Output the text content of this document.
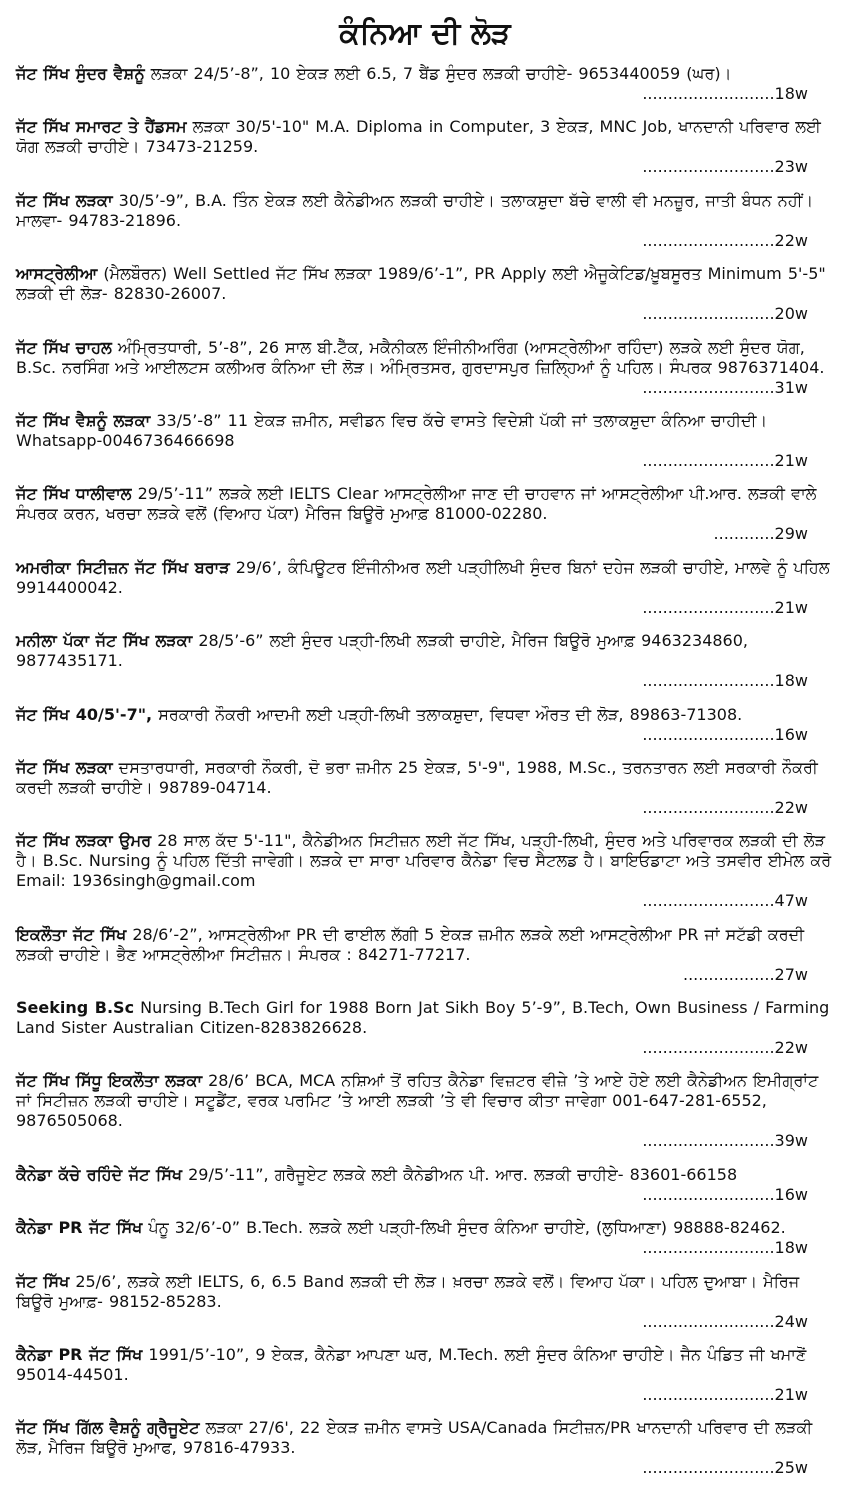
ਕੰਨਿਆ ਦੀ ਲੋੜ

ਜੱਟ ਸਿੱਖ ਸੁੰਦਰ ਵੈਸ਼ਨੂੰ ਲੜਕਾ 24/5’-8”, 10 ਏਕੜ ਲਈ 6.5, 7 ਬੈਂਡ ਸੁੰਦਰ ਲੜਕੀ ਚਾਹੀਏ- 9653440059 (ਘਰ)।
..........................18w

ਜੱਟ ਸਿੱਖ ਸਮਾਰਟ ਤੇ ਹੈਂਡਸਮ ਲੜਕਾ 30/5'-10" M.A. Diploma in Computer, 3 ਏਕੜ, MNC Job, ਖਾਨਦਾਨੀ ਪਰਿਵਾਰ ਲਈ ਯੋਗ ਲੜਕੀ ਚਾਹੀਏ। 73473-21259.
..........................23w

ਜੱਟ ਸਿੱਖ ਲੜਕਾ 30/5’-9”, B.A. ਤਿੰਨ ਏਕੜ ਲਈ ਕੈਨੇਡੀਅਨ ਲੜਕੀ ਚਾਹੀਏ। ਤਲਾਕਸ਼ੁਦਾ ਬੱਚੇ ਵਾਲੀ ਵੀ ਮਨਜ਼ੂਰ, ਜਾਤੀ ਬੰਧਨ ਨਹੀਂ। ਮਾਲਵਾ- 94783-21896.
..........................22w

ਆਸਟ੍ਰੇਲੀਆ (ਮੈਲਬੌਰਨ) Well Settled ਜੱਟ ਸਿੱਖ ਲੜਕਾ 1989/6’-1”, PR Apply ਲਈ ਐਜੂਕੇਟਿਡ/ਖ਼ੂਬਸੂਰਤ Minimum 5'-5" ਲੜਕੀ ਦੀ ਲੋੜ- 82830-26007.
..........................20w

ਜੱਟ ਸਿੱਖ ਚਾਹਲ ਅੰਮ੍ਰਿਤਧਾਰੀ, 5’-8”, 26 ਸਾਲ ਬੀ.ਟੈੱਕ, ਮਕੈਨੀਕਲ ਇੰਜੀਨੀਅਰਿੰਗ (ਆਸਟ੍ਰੇਲੀਆ ਰਹਿੰਦਾ) ਲੜਕੇ ਲਈ ਸੁੰਦਰ ਯੋਗ, B.Sc. ਨਰਸਿੰਗ ਅਤੇ ਆਈਲਟਸ ਕਲੀਅਰ ਕੰਨਿਆ ਦੀ ਲੋੜ। ਅੰਮ੍ਰਿਤਸਰ, ਗੁਰਦਾਸਪੁਰ ਜ਼ਿਲ੍ਹਿਆਂ ਨੂੰ ਪਹਿਲ। ਸੰਪਰਕ 9876371404.
..........................31w

ਜੱਟ ਸਿੱਖ ਵੈਸ਼ਨੂੰ ਲੜਕਾ 33/5’-8” 11 ਏਕੜ ਜ਼ਮੀਨ, ਸਵੀਡਨ ਵਿਚ ਕੱਚੇ ਵਾਸਤੇ ਵਿਦੇਸ਼ੀ ਪੱਕੀ ਜਾਂ ਤਲਾਕਸ਼ੁਦਾ ਕੰਨਿਆ ਚਾਹੀਦੀ। Whatsapp-0046736466698
..........................21w

ਜੱਟ ਸਿੱਖ ਧਾਲੀਵਾਲ 29/5’-11” ਲੜਕੇ ਲਈ IELTS Clear ਆਸਟ੍ਰੇਲੀਆ ਜਾਣ ਦੀ ਚਾਹਵਾਨ ਜਾਂ ਆਸਟ੍ਰੇਲੀਆ ਪੀ.ਆਰ. ਲੜਕੀ ਵਾਲੇ ਸੰਪਰਕ ਕਰਨ, ਖਰਚਾ ਲੜਕੇ ਵਲੋਂ (ਵਿਆਹ ਪੱਕਾ) ਮੈਰਿਜ ਬਿਊਰੋ ਮੁਆਫ਼ 81000-02280.
............29w

ਅਮਰੀਕਾ ਸਿਟੀਜ਼ਨ ਜੱਟ ਸਿੱਖ ਬਰਾੜ 29/6’, ਕੰਪਿਊਟਰ ਇੰਜੀਨੀਅਰ ਲਈ ਪੜ੍ਹੀਲਿਖੀ ਸੁੰਦਰ ਬਿਨਾਂ ਦਹੇਜ ਲੜਕੀ ਚਾਹੀਏ, ਮਾਲਵੇ ਨੂੰ ਪਹਿਲ 9914400042.
..........................21w

ਮਨੀਲਾ ਪੱਕਾ ਜੱਟ ਸਿੱਖ ਲੜਕਾ 28/5’-6” ਲਈ ਸੁੰਦਰ ਪੜ੍ਹੀ-ਲਿਖੀ ਲੜਕੀ ਚਾਹੀਏ, ਮੈਰਿਜ ਬਿਊਰੋ ਮੁਆਫ਼ 9463234860, 9877435171.
..........................18w

ਜੱਟ ਸਿੱਖ 40/5'-7", ਸਰਕਾਰੀ ਨੌਕਰੀ ਆਦਮੀ ਲਈ ਪੜ੍ਹੀ-ਲਿਖੀ ਤਲਾਕਸ਼ੁਦਾ, ਵਿਧਵਾ ਔਰਤ ਦੀ ਲੋੜ, 89863-71308.
..........................16w

ਜੱਟ ਸਿੱਖ ਲੜਕਾ ਦਸਤਾਰਧਾਰੀ, ਸਰਕਾਰੀ ਨੌਕਰੀ, ਦੋ ਭਰਾ ਜ਼ਮੀਨ 25 ਏਕੜ, 5'-9", 1988, M.Sc., ਤਰਨਤਾਰਨ ਲਈ ਸਰਕਾਰੀ ਨੌਕਰੀ ਕਰਦੀ ਲੜਕੀ ਚਾਹੀਏ। 98789-04714.
..........................22w

ਜੱਟ ਸਿੱਖ ਲੜਕਾ ਉਮਰ 28 ਸਾਲ ਕੱਦ 5'-11", ਕੈਨੇਡੀਅਨ ਸਿਟੀਜ਼ਨ ਲਈ ਜੱਟ ਸਿੱਖ, ਪੜ੍ਹੀ-ਲਿਖੀ, ਸੁੰਦਰ ਅਤੇ ਪਰਿਵਾਰਕ ਲੜਕੀ ਦੀ ਲੋੜ ਹੈ। B.Sc. Nursing ਨੂੰ ਪਹਿਲ ਦਿੱਤੀ ਜਾਵੇਗੀ। ਲੜਕੇ ਦਾ ਸਾਰਾ ਪਰਿਵਾਰ ਕੈਨੇਡਾ ਵਿਚ ਸੈਟਲਡ ਹੈ। ਬਾਇਓਡਾਟਾ ਅਤੇ ਤਸਵੀਰ ਈਮੇਲ ਕਰੋ Email: 1936singh@gmail.com
..........................47w

ਇਕਲੌਤਾ ਜੱਟ ਸਿੱਖ 28/6’-2”, ਆਸਟ੍ਰੇਲੀਆ PR ਦੀ ਫਾਈਲ ਲੱਗੀ 5 ਏਕੜ ਜ਼ਮੀਨ ਲੜਕੇ ਲਈ ਆਸਟ੍ਰੇਲੀਆ PR ਜਾਂ ਸਟੱਡੀ ਕਰਦੀ ਲੜਕੀ ਚਾਹੀਏ। ਭੈਣ ਆਸਟ੍ਰੇਲੀਆ ਸਿਟੀਜ਼ਨ। ਸੰਪਰਕ : 84271-77217.
..................27w

Seeking B.Sc Nursing B.Tech Girl for 1988 Born Jat Sikh Boy 5’-9”, B.Tech, Own Business / Farming Land Sister Australian Citizen-8283826628.
..........................22w

ਜੱਟ ਸਿੱਖ ਸਿੱਧੂ ਇਕਲੌਤਾ ਲੜਕਾ 28/6’ BCA, MCA ਨਸ਼ਿਆਂ ਤੋਂ ਰਹਿਤ ਕੈਨੇਡਾ ਵਿਜ਼ਟਰ ਵੀਜ਼ੇ ’ਤੇ ਆਏ ਹੋਏ ਲਈ ਕੈਨੇਡੀਅਨ ਇਮੀਗ੍ਰਾਂਟ ਜਾਂ ਸਿਟੀਜ਼ਨ ਲੜਕੀ ਚਾਹੀਏ। ਸਟੂਡੈਂਟ, ਵਰਕ ਪਰਮਿਟ ’ਤੇ ਆਈ ਲੜਕੀ ’ਤੇ ਵੀ ਵਿਚਾਰ ਕੀਤਾ ਜਾਵੇਗਾ 001-647-281-6552, 9876505068.
..........................39w

ਕੈਨੇਡਾ ਕੱਚੇ ਰਹਿੰਦੇ ਜੱਟ ਸਿੱਖ 29/5’-11”, ਗਰੈਜੂਏਟ ਲੜਕੇ ਲਈ ਕੈਨੇਡੀਅਨ ਪੀ. ਆਰ. ਲੜਕੀ ਚਾਹੀਏ- 83601-66158
..........................16w

ਕੈਨੇਡਾ PR ਜੱਟ ਸਿੱਖ ਪੰਨੂ 32/6’-0” B.Tech. ਲੜਕੇ ਲਈ ਪੜ੍ਹੀ-ਲਿਖੀ ਸੁੰਦਰ ਕੰਨਿਆ ਚਾਹੀਏ, (ਲੁਧਿਆਣਾ) 98888-82462.
..........................18w

ਜੱਟ ਸਿੱਖ 25/6’, ਲੜਕੇ ਲਈ IELTS, 6, 6.5 Band ਲੜਕੀ ਦੀ ਲੋੜ। ਖ਼ਰਚਾ ਲੜਕੇ ਵਲੋਂ। ਵਿਆਹ ਪੱਕਾ। ਪਹਿਲ ਦੁਆਬਾ। ਮੈਰਿਜ ਬਿਊਰੋ ਮੁਆਫ਼- 98152-85283.
..........................24w

ਕੈਨੇਡਾ PR ਜੱਟ ਸਿੱਖ 1991/5’-10”, 9 ਏਕੜ, ਕੈਨੇਡਾ ਆਪਣਾ ਘਰ, M.Tech. ਲਈ ਸੁੰਦਰ ਕੰਨਿਆ ਚਾਹੀਏ। ਜੈਨ ਪੰਡਿਤ ਜੀ ਖਮਾਣੋਂ 95014-44501.
..........................21w

ਜੱਟ ਸਿੱਖ ਗਿੱਲ ਵੈਸ਼ਨੂੰ ਗ੍ਰੈਜੂਏਟ ਲੜਕਾ 27/6', 22 ਏਕੜ ਜ਼ਮੀਨ ਵਾਸਤੇ USA/Canada ਸਿਟੀਜ਼ਨ/PR ਖਾਨਦਾਨੀ ਪਰਿਵਾਰ ਦੀ ਲੜਕੀ ਲੋੜ, ਮੈਰਿਜ ਬਿਊਰੋ ਮੁਆਫ, 97816-47933.
..........................25w
